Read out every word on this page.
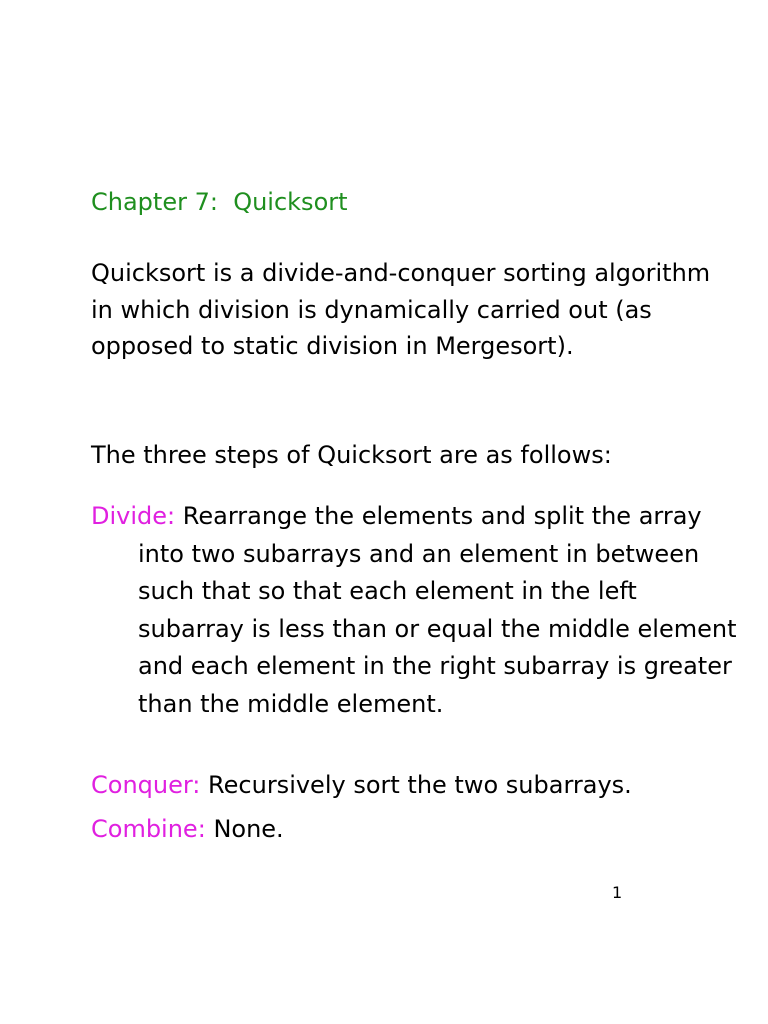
Chapter 7:  Quicksort

Quicksort is a divide-and-conquer sorting algorithm in which division is dynamically carried out (as opposed to static division in Mergesort).

The three steps of Quicksort are as follows:

Divide: Rearrange the elements and split the array into two subarrays and an element in between such that so that each element in the left subarray is less than or equal the middle element and each element in the right subarray is greater than the middle element.

Conquer: Recursively sort the two subarrays.

Combine: None.

1
